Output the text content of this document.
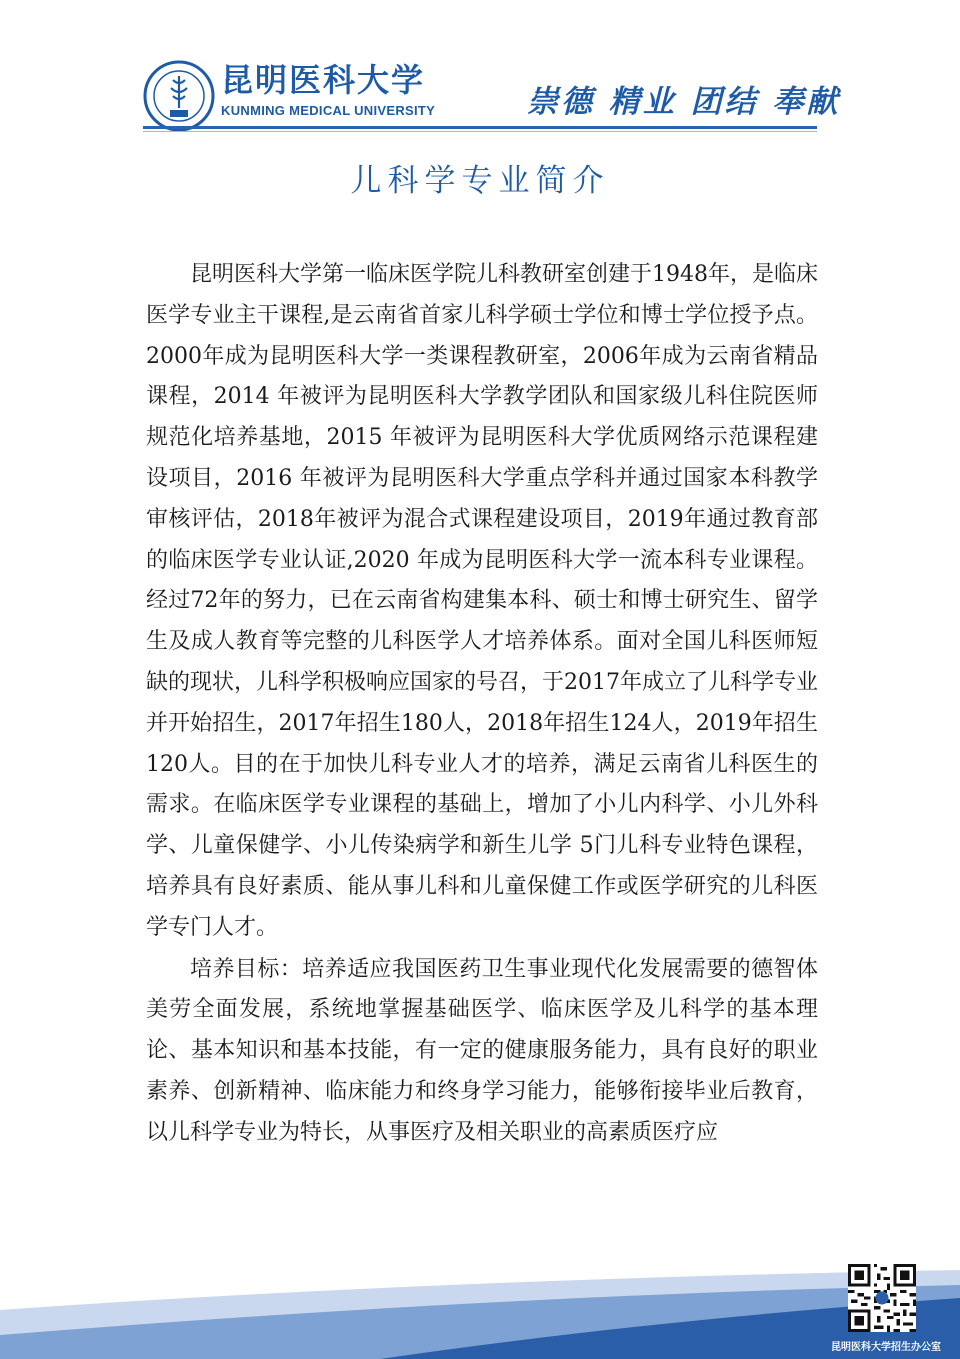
昆明医科大学
KUNMING MEDICAL UNIVERSITY	崇德 精业 团结 奉献
儿科学专业简介

昆明医科大学第一临床医学院儿科教研室创建于1948年，是临床医学专业主干课程,是云南省首家儿科学硕士学位和博士学位授予点。2000年成为昆明医科大学一类课程教研室，2006年成为云南省精品课程，2014 年被评为昆明医科大学教学团队和国家级儿科住院医师规范化培养基地，2015 年被评为昆明医科大学优质网络示范课程建设项目，2016 年被评为昆明医科大学重点学科并通过国家本科教学审核评估，2018年被评为混合式课程建设项目，2019年通过教育部的临床医学专业认证,2020 年成为昆明医科大学一流本科专业课程。经过72年的努力，已在云南省构建集本科、硕士和博士研究生、留学生及成人教育等完整的儿科医学人才培养体系。面对全国儿科医师短缺的现状，儿科学积极响应国家的号召，于2017年成立了儿科学专业并开始招生，2017年招生180人，2018年招生124人，2019年招生120人。目的在于加快儿科专业人才的培养，满足云南省儿科医生的需求。在临床医学专业课程的基础上，增加了小儿内科学、小儿外科学、儿童保健学、小儿传染病学和新生儿学 5门儿科专业特色课程，培养具有良好素质、能从事儿科和儿童保健工作或医学研究的儿科医学专门人才。

培养目标：培养适应我国医药卫生事业现代化发展需要的德智体美劳全面发展，系统地掌握基础医学、临床医学及儿科学的基本理论、基本知识和基本技能，有一定的健康服务能力，具有良好的职业素养、创新精神、临床能力和终身学习能力，能够衔接毕业后教育，以儿科学专业为特长，从事医疗及相关职业的高素质医疗应

昆明医科大学招生办公室
